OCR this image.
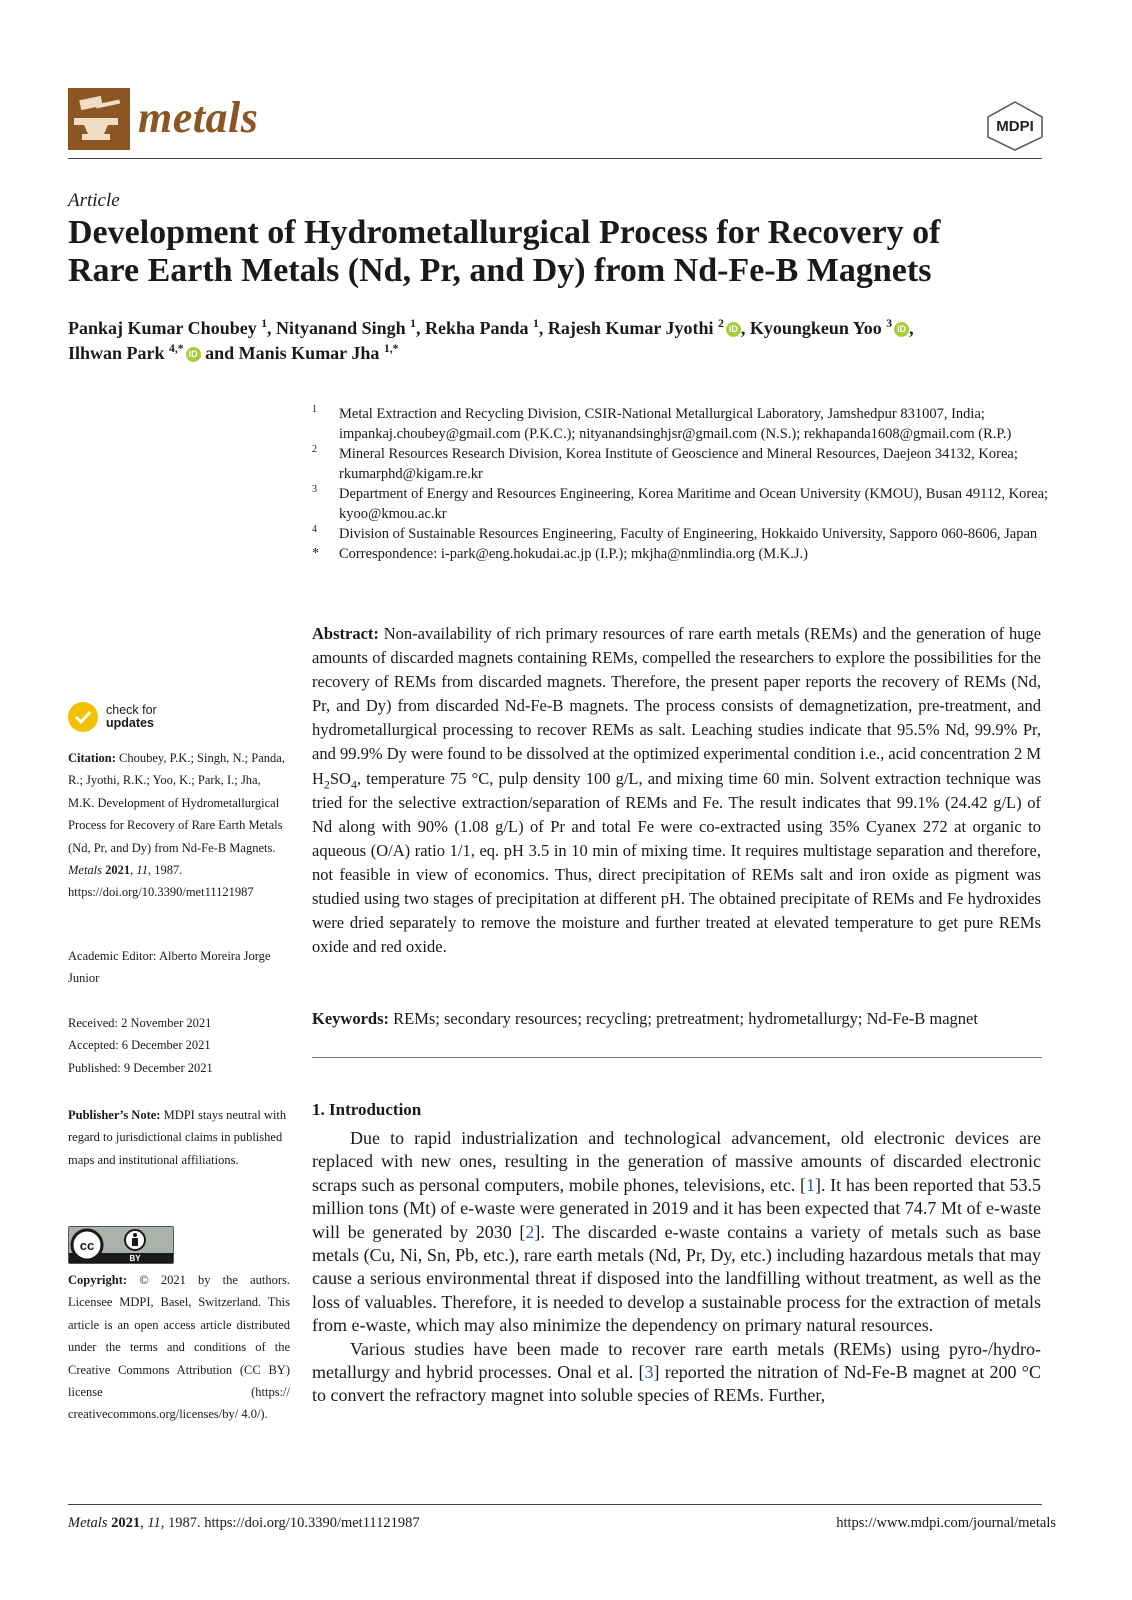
metals	MDPI
Article
Development of Hydrometallurgical Process for Recovery of
Rare Earth Metals (Nd, Pr, and Dy) from Nd-Fe-B Magnets
Pankaj Kumar Choubey $^1$, Nityanand Singh $^1$, Rekha Panda $^1$, Rajesh Kumar Jyothi $^2$ iD , Kyoungkeun Yoo $^3$ iD ,
Ilhwan Park $^{4,*}$ iD and Manis Kumar Jha $^{1,*}$
1 Metal Extraction and Recycling Division, CSIR-National Metallurgical Laboratory, Jamshedpur 831007, India; impankaj.choubey@gmail.com (P.K.C.); nityanandsinghjsr@gmail.com (N.S.); rekhapanda1608@gmail.com (R.P.)
2 Mineral Resources Research Division, Korea Institute of Geoscience and Mineral Resources, Daejeon 34132, Korea; rkumarphd@kigam.re.kr
3 Department of Energy and Resources Engineering, Korea Maritime and Ocean University (KMOU), Busan 49112, Korea; kyoo@kmou.ac.kr
4 Division of Sustainable Resources Engineering, Faculty of Engineering, Hokkaido University, Sapporo 060-8606, Japan
* Correspondence: i-park@eng.hokudai.ac.jp (I.P.); mkjha@nmlindia.org (M.K.J.)
check for
updates
Citation: Choubey, P.K.; Singh, N.; Panda, R.; Jyothi, R.K.; Yoo, K.; Park, I.; Jha, M.K. Development of Hydrometallurgical Process for Recovery of Rare Earth Metals (Nd, Pr, and Dy) from Nd-Fe-B Magnets. Metals 2021, 11, 1987. https://doi.org/10.3390/met11121987
Academic Editor: Alberto Moreira Jorge Junior
Received: 2 November 2021
Accepted: 6 December 2021
Published: 9 December 2021
Publisher’s Note: MDPI stays neutral with regard to jurisdictional claims in published maps and institutional affiliations.
cc
BY
Copyright: © 2021 by the authors. Licensee MDPI, Basel, Switzerland. This article is an open access article distributed under the terms and conditions of the Creative Commons Attribution (CC BY) license (https:// creativecommons.org/licenses/by/ 4.0/).
Abstract: Non-availability of rich primary resources of rare earth metals (REMs) and the generation of huge amounts of discarded magnets containing REMs, compelled the researchers to explore the possibilities for the recovery of REMs from discarded magnets. Therefore, the present paper reports the recovery of REMs (Nd, Pr, and Dy) from discarded Nd-Fe-B magnets. The process consists of demagnetization, pre-treatment, and hydrometallurgical processing to recover REMs as salt. Leaching studies indicate that 95.5% Nd, 99.9% Pr, and 99.9% Dy were found to be dissolved at the optimized experimental condition i.e., acid concentration 2 M $H_2SO_4$, temperature 75 °C, pulp density 100 g/L, and mixing time 60 min. Solvent extraction technique was tried for the selective extraction/separation of REMs and Fe. The result indicates that 99.1% (24.42 g/L) of Nd along with 90% (1.08 g/L) of Pr and total Fe were co-extracted using 35% Cyanex 272 at organic to aqueous (O/A) ratio 1/1, eq. pH 3.5 in 10 min of mixing time. It requires multistage separation and therefore, not feasible in view of economics. Thus, direct precipitation of REMs salt and iron oxide as pigment was studied using two stages of precipitation at different pH. The obtained precipitate of REMs and Fe hydroxides were dried separately to remove the moisture and further treated at elevated temperature to get pure REMs oxide and red oxide.
Keywords: REMs; secondary resources; recycling; pretreatment; hydrometallurgy; Nd-Fe-B magnet
1. Introduction

Due to rapid industrialization and technological advancement, old electronic devices are replaced with new ones, resulting in the generation of massive amounts of discarded electronic scraps such as personal computers, mobile phones, televisions, etc. [1]. It has been reported that 53.5 million tons (Mt) of e-waste were generated in 2019 and it has been expected that 74.7 Mt of e-waste will be generated by 2030 [2]. The discarded e-waste contains a variety of metals such as base metals (Cu, Ni, Sn, Pb, etc.), rare earth metals (Nd, Pr, Dy, etc.) including hazardous metals that may cause a serious environmental threat if disposed into the landfilling without treatment, as well as the loss of valuables. Therefore, it is needed to develop a sustainable process for the extraction of metals from e-waste, which may also minimize the dependency on primary natural resources.

Various studies have been made to recover rare earth metals (REMs) using pyro-/hydro-metallurgy and hybrid processes. Onal et al. [3] reported the nitration of Nd-Fe-B magnet at 200 °C to convert the refractory magnet into soluble species of REMs. Further,

Metals 2021, 11, 1987. https://doi.org/10.3390/met11121987	https://www.mdpi.com/journal/metals
